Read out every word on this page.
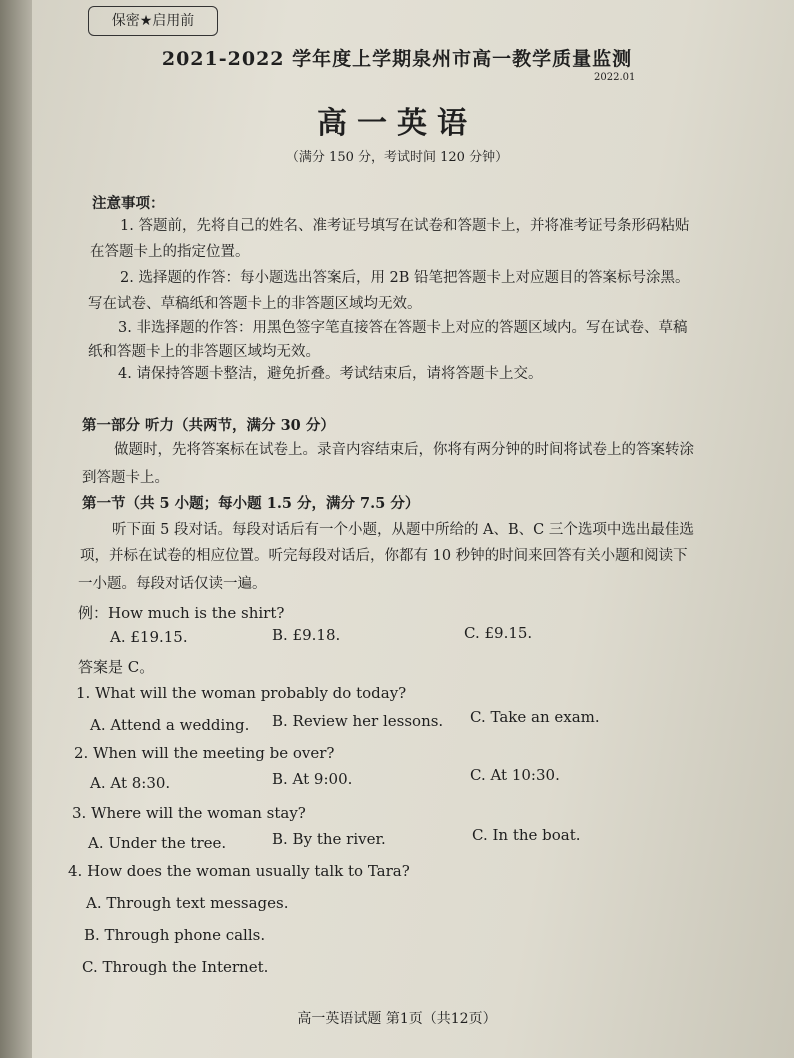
保密★启用前
2021-2022 学年度上学期泉州市高一教学质量监测
2022.01
高一英语
（满分 150 分，考试时间 120 分钟）
注意事项：
1. 答题前，先将自己的姓名、准考证号填写在试卷和答题卡上，并将准考证号条形码粘贴
在答题卡上的指定位置。
2. 选择题的作答：每小题选出答案后，用 2B 铅笔把答题卡上对应题目的答案标号涂黑。
写在试卷、草稿纸和答题卡上的非答题区域均无效。
3. 非选择题的作答：用黑色签字笔直接答在答题卡上对应的答题区域内。写在试卷、草稿
纸和答题卡上的非答题区域均无效。
4. 请保持答题卡整洁，避免折叠。考试结束后，请将答题卡上交。
第一部分 听力（共两节，满分 30 分）
做题时，先将答案标在试卷上。录音内容结束后，你将有两分钟的时间将试卷上的答案转涂
到答题卡上。
第一节（共 5 小题；每小题 1.5 分，满分 7.5 分）
听下面 5 段对话。每段对话后有一个小题，从题中所给的 A、B、C 三个选项中选出最佳选
项，并标在试卷的相应位置。听完每段对话后，你都有 10 秒钟的时间来回答有关小题和阅读下
一小题。每段对话仅读一遍。
例：How much is the shirt?
A. £19.15.	B. £9.18.	C. £9.15.
答案是 C。
1. What will the woman probably do today?
A. Attend a wedding. B. Review her lessons. C. Take an exam.
2. When will the meeting be over?
A. At 8:30.	B. At 9:00.	C. At 10:30.
3. Where will the woman stay?
A. Under the tree.	B. By the river.	C. In the boat.
4. How does the woman usually talk to Tara?
A. Through text messages.
B. Through phone calls.
C. Through the Internet.
高一英语试题 第1页（共12页）
